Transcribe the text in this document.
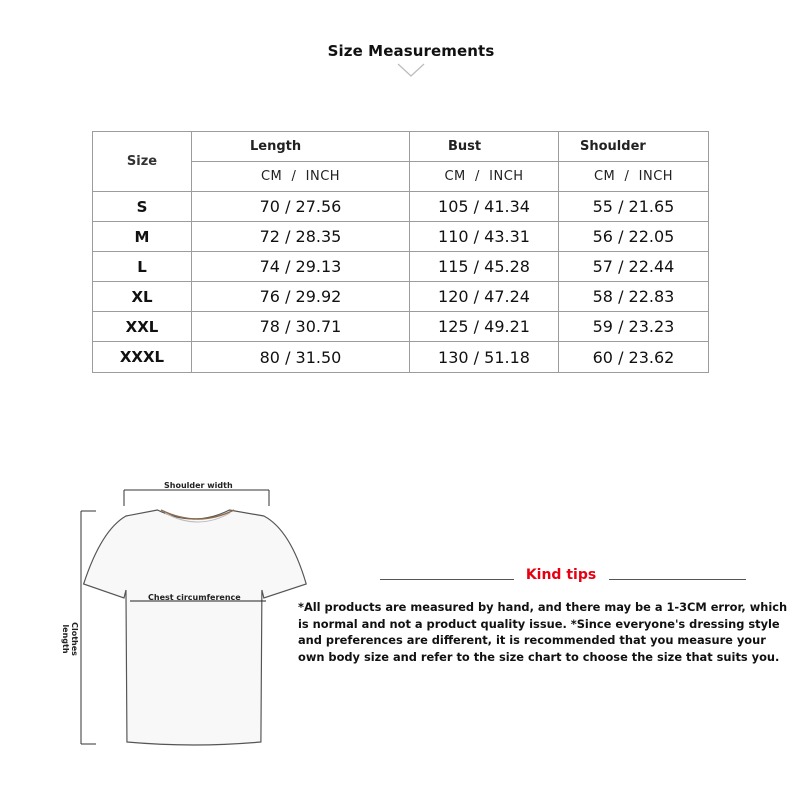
Size Measurements
Size	Length	Bust	Shoulder
	CM  /  INCH	CM  /  INCH	CM  /  INCH
S	70 / 27.56	105 / 41.34	55 / 21.65
M	72 / 28.35	110 / 43.31	56 / 22.05
L	74 / 29.13	115 / 45.28	57 / 22.44
XL	76 / 29.92	120 / 47.24	58 / 22.83
XXL	78 / 30.71	125 / 49.21	59 / 23.23
XXXL	80 / 31.50	130 / 51.18	60 / 23.62
Shoulder width
Chest circumference
Clothes length
Kind tips
*All products are measured by hand, and there may be a 1-3CM error, which is normal and not a product quality issue. *Since everyone's dressing style and preferences are different, it is recommended that you measure your own body size and refer to the size chart to choose the size that suits you.
